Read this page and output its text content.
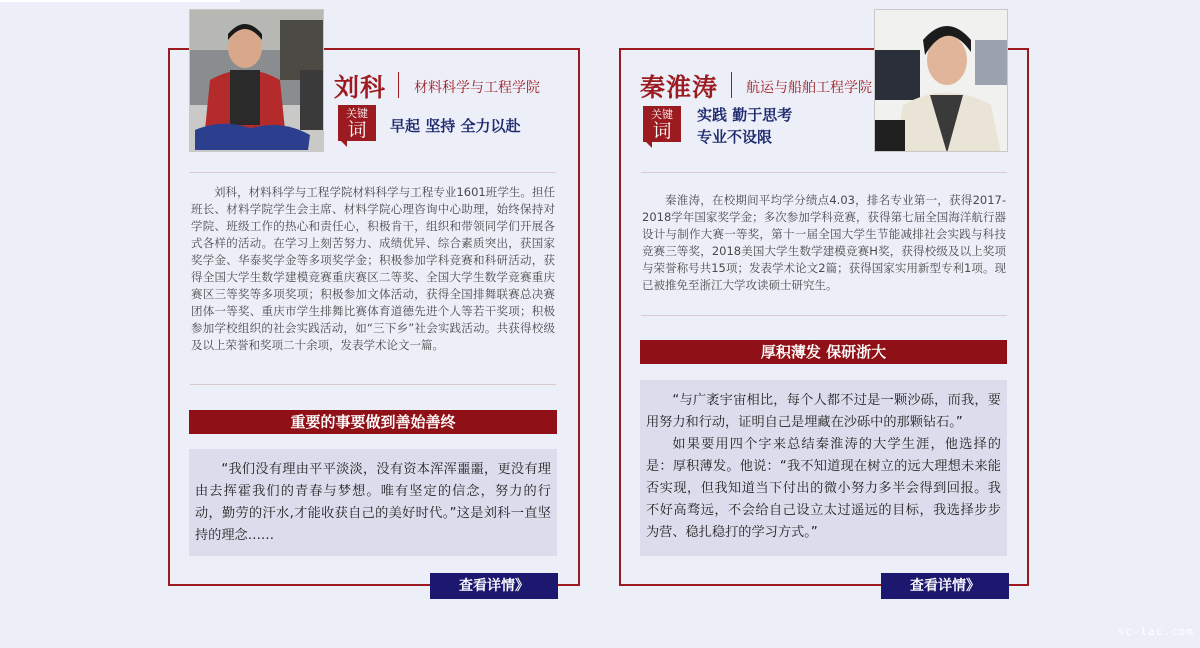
刘科 材料科学与工程学院
关键
词	早起 坚持 全力以赴
刘科，材料科学与工程学院材料科学与工程专业1601班学生。担任班长、材料学院学生会主席、材料学院心理咨询中心助理，始终保持对学院、班级工作的热心和责任心，积极肯干，组织和带领同学们开展各式各样的活动。在学习上刻苦努力、成绩优异、综合素质突出，获国家奖学金、华泰奖学金等多项奖学金；积极参加学科竞赛和科研活动，获得全国大学生数学建模竞赛重庆赛区二等奖、全国大学生数学竞赛重庆赛区三等奖等多项奖项；积极参加文体活动，获得全国排舞联赛总决赛团体一等奖、重庆市学生排舞比赛体育道德先进个人等若干奖项；积极参加学校组织的社会实践活动，如“三下乡”社会实践活动。共获得校级及以上荣誉和奖项二十余项，发表学术论文一篇。
重要的事要做到善始善终

“我们没有理由平平淡淡，没有资本浑浑噩噩，更没有理由去挥霍我们的青春与梦想。唯有坚定的信念，努力的行动，勤劳的汗水,才能收获自己的美好时代。”这是刘科一直坚持的理念……

查看详情》
秦淮涛 航运与船舶工程学院
关键
词
实践 勤于思考
专业不设限
秦淮涛，在校期间平均学分绩点4.03，排名专业第一，获得2017-2018学年国家奖学金；多次参加学科竞赛，获得第七届全国海洋航行器设计与制作大赛一等奖，第十一届全国大学生节能减排社会实践与科技竞赛三等奖，2018美国大学生数学建模竞赛H奖，获得校级及以上奖项与荣誉称号共15项；发表学术论文2篇；获得国家实用新型专利1项。现已被推免至浙江大学攻读硕士研究生。
厚积薄发 保研浙大

“与广袤宇宙相比，每个人都不过是一颗沙砾，而我，要用努力和行动，证明自己是埋藏在沙砾中的那颗钻石。”

如果要用四个字来总结秦淮涛的大学生涯，他选择的是：厚积薄发。他说：“我不知道现在树立的远大理想未来能否实现，但我知道当下付出的微小努力多半会得到回报。我不好高骛远，不会给自己设立太过遥远的目标，我选择步步为营、稳扎稳打的学习方式。”

查看详情》
sc-lac.com
